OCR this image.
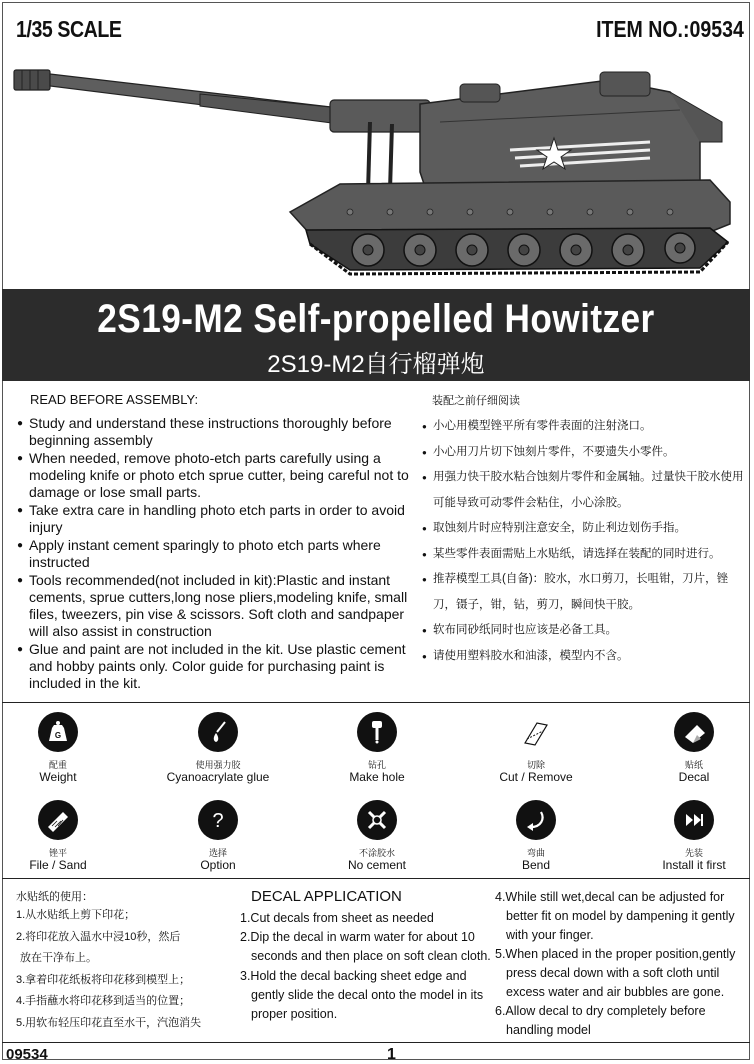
1/35 SCALE	ITEM NO.:09534
2S19-M2 Self-propelled Howitzer
2S19-M2自行榴弹炮
READ BEFORE ASSEMBLY:
● Study and understand these instructions thoroughly before beginning assembly
● When needed, remove photo-etch parts carefully using a modeling knife or photo etch sprue cutter, being careful not to damage or lose small parts.
● Take extra care in handling photo etch parts in order to avoid injury
● Apply instant cement sparingly to photo etch parts where instructed
● Tools recommended(not included in kit):Plastic and instant cements, sprue cutters,long nose pliers,modeling knife, small files, tweezers, pin vise & scissors. Soft cloth and sandpaper will also assist in construction
● Glue and paint are not included in the kit. Use plastic cement and hobby paints only. Color guide for purchasing paint is included in the kit.
装配之前仔细阅读
● 小心用模型锉平所有零件表面的注射浇口。
● 小心用刀片切下蚀刻片零件，不要遗失小零件。
● 用强力快干胶水粘合蚀刻片零件和金属轴。过量快干胶水使用可能导致可动零件会粘住，小心涂胶。
● 取蚀刻片时应特别注意安全，防止利边划伤手指。
● 某些零件表面需贴上水贴纸，请选择在装配的同时进行。
● 推荐模型工具(自备)：胶水，水口剪刀，长咀钳，刀片，锉刀，镊子，钳，钻，剪刀，瞬间快干胶。
● 软布同砂纸同时也应该是必备工具。
● 请使用塑料胶水和油漆，模型内不含。
G
配重
Weight
使用强力胶
Cyanoacrylate glue
钻孔
Make hole
切除
Cut / Remove
贴纸
Decal
锉平
File / Sand
?
选择
Option
不涂胶水
No cement
弯曲
Bend
先装
Install it first
水贴纸的使用：
1.从水贴纸上剪下印花；
2.将印花放入温水中浸10秒，然后
放在干净布上。
3.拿着印花纸板将印花移到模型上；
4.手指蘸水将印花移到适当的位置；
5.用软布轻压印花直至水干，汽泡消失
DECAL APPLICATION
1.Cut decals from sheet as needed
2.Dip the decal in warm water for about 10 seconds and then place on soft clean cloth.
3.Hold the decal backing sheet edge and gently slide the decal onto the model in its proper position.
4.While still wet,decal can be adjusted for better fit on model by dampening it gently with your finger.
5.When placed in the proper position,gently press decal down with a soft cloth until excess water and air bubbles are gone.
6.Allow decal to dry completely before handling model
09534	1
